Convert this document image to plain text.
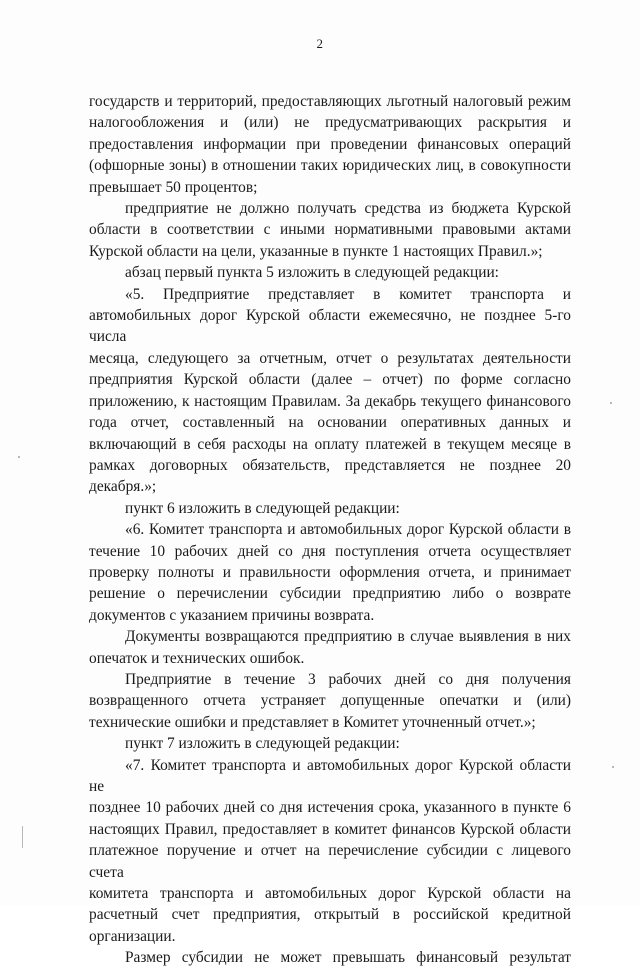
2

государств и территорий, предоставляющих льготный налоговый режим

налогообложения и (или) не предусматривающих раскрытия и

предоставления информации при проведении финансовых операций

(офшорные зоны) в отношении таких юридических лиц, в совокупности

превышает 50 процентов;

предприятие не должно получать средства из бюджета Курской

области в соответствии с иными нормативными правовыми актами

Курской области на цели, указанные в пункте 1 настоящих Правил.»;

абзац первый пункта 5 изложить в следующей редакции:

«5. Предприятие представляет в комитет транспорта и

автомобильных дорог Курской области ежемесячно, не позднее 5-го числа

месяца, следующего за отчетным, отчет о результатах деятельности

предприятия Курской области (далее – отчет) по форме согласно

приложению, к настоящим Правилам. За декабрь текущего финансового

года отчет, составленный на основании оперативных данных и

включающий в себя расходы на оплату платежей в текущем месяце в

рамках договорных обязательств, представляется не позднее 20 декабря.»;

пункт 6 изложить в следующей редакции:

«6. Комитет транспорта и автомобильных дорог Курской области в

течение 10 рабочих дней со дня поступления отчета осуществляет

проверку полноты и правильности оформления отчета, и принимает

решение о перечислении субсидии предприятию либо о возврате

документов с указанием причины возврата.

Документы возвращаются предприятию в случае выявления в них

опечаток и технических ошибок.

Предприятие в течение 3 рабочих дней со дня получения

возвращенного отчета устраняет допущенные опечатки и (или)

технические ошибки и представляет в Комитет уточненный отчет.»;

пункт 7 изложить в следующей редакции:

«7. Комитет транспорта и автомобильных дорог Курской области не

позднее 10 рабочих дней со дня истечения срока, указанного в пункте 6

настоящих Правил, предоставляет в комитет финансов Курской области

платежное поручение и отчет на перечисление субсидии с лицевого счета

комитета транспорта и автомобильных дорог Курской области на

расчетный счет предприятия, открытый в российской кредитной

организации.

Размер субсидии не может превышать финансовый результат
